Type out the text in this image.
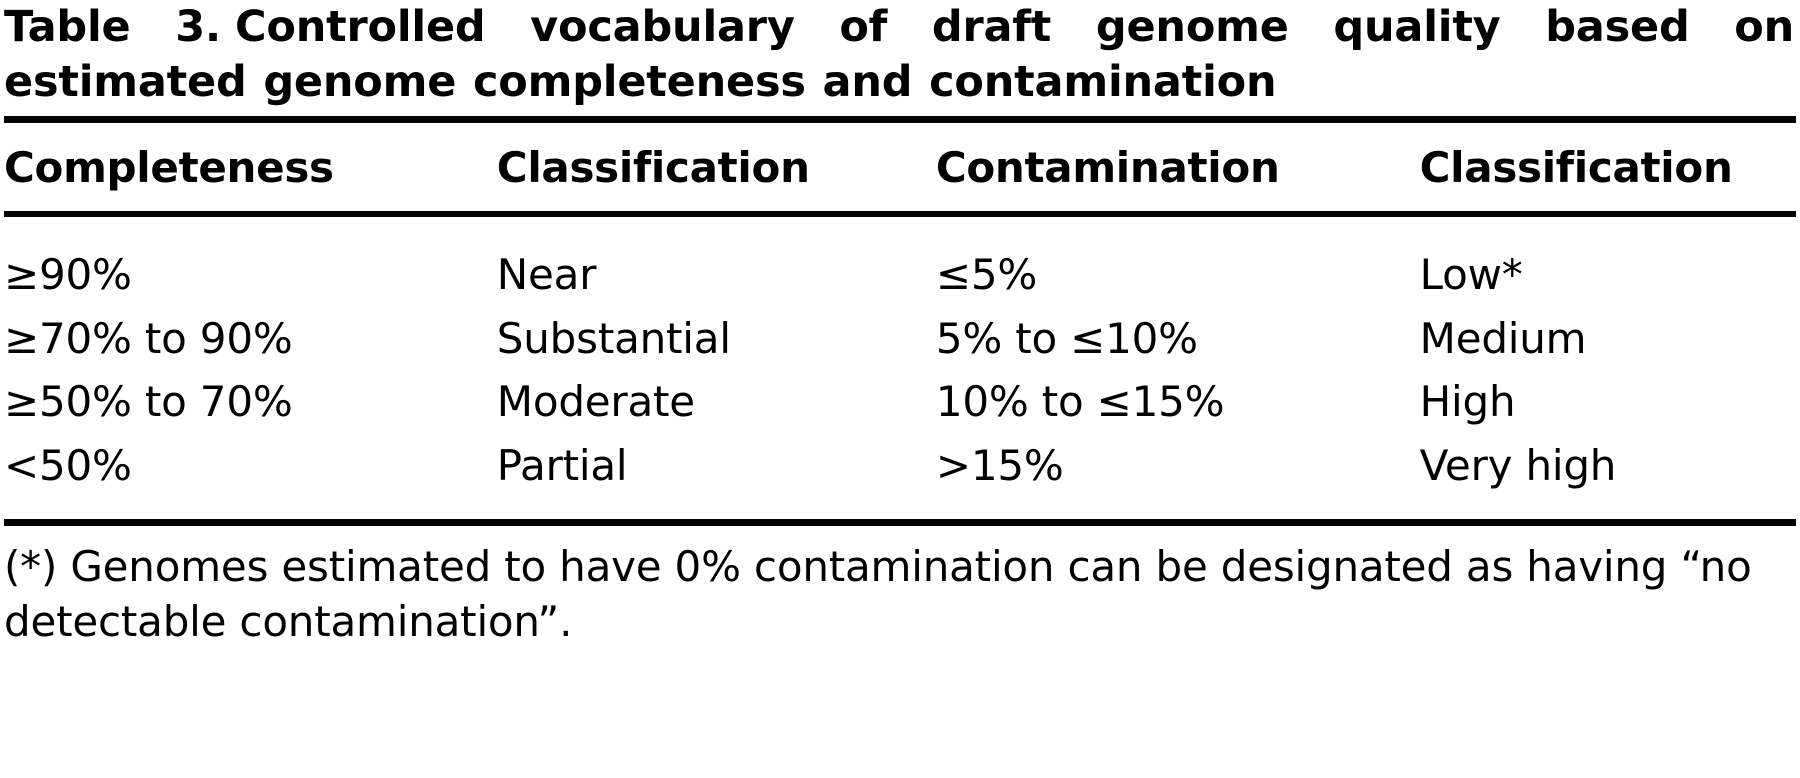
Table 3. Controlled vocabulary of draft genome quality based on estimated genome completeness and contamination
Completeness	Classification	Contamination	Classification
≥90%	Near	≤5%	Low*
≥70% to 90%	Substantial	5% to ≤10%	Medium
≥50% to 70%	Moderate	10% to ≤15%	High
<50%	Partial	>15%	Very high

(*) Genomes estimated to have 0% contamination can be designated as having “no detectable contamination”.
